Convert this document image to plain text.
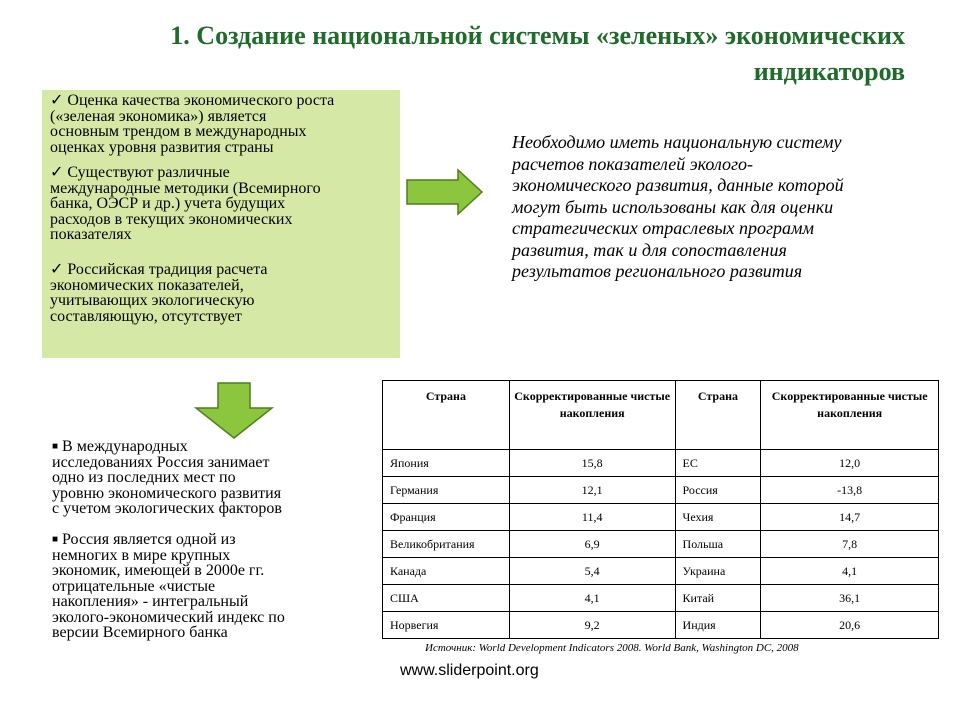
1. Создание национальной системы «зеленых» экономических
индикаторов
✓ Оценка качества экономического роста
(«зеленая экономика») является
основным трендом в международных
оценках уровня развития страны
✓ Существуют различные
международные методики (Всемирного
банка, ОЭСР и др.) учета будущих
расходов в текущих экономических
показателях
✓ Российская традиция расчета
экономических показателей,
учитывающих экологическую
составляющую, отсутствует
Необходимо иметь национальную систему
расчетов показателей эколого-
экономического развития, данные которой
могут быть использованы как для оценки
стратегических отраслевых программ
развития, так и для сопоставления
результатов регионального развития
■ В международных
исследованиях Россия занимает
одно из последних мест по
уровню экономического развития
с учетом экологических факторов
■ Россия является одной из
немногих в мире крупных
экономик, имеющей в 2000е гг.
отрицательные «чистые
накопления» - интегральный
эколого-экономический индекс по
версии Всемирного банка
Страна	Скорректированные чистые накопления	Страна	Скорректированные чистые накопления
Япония	15,8	ЕС	12,0
Германия	12,1	Россия	-13,8
Франция	11,4	Чехия	14,7
Великобритания	6,9	Польша	7,8
Канада	5,4	Украина	4,1
США	4,1	Китай	36,1
Норвегия	9,2	Индия	20,6
Источник: World Development Indicators 2008. World Bank, Washington DC, 2008
www.sliderpoint.org
